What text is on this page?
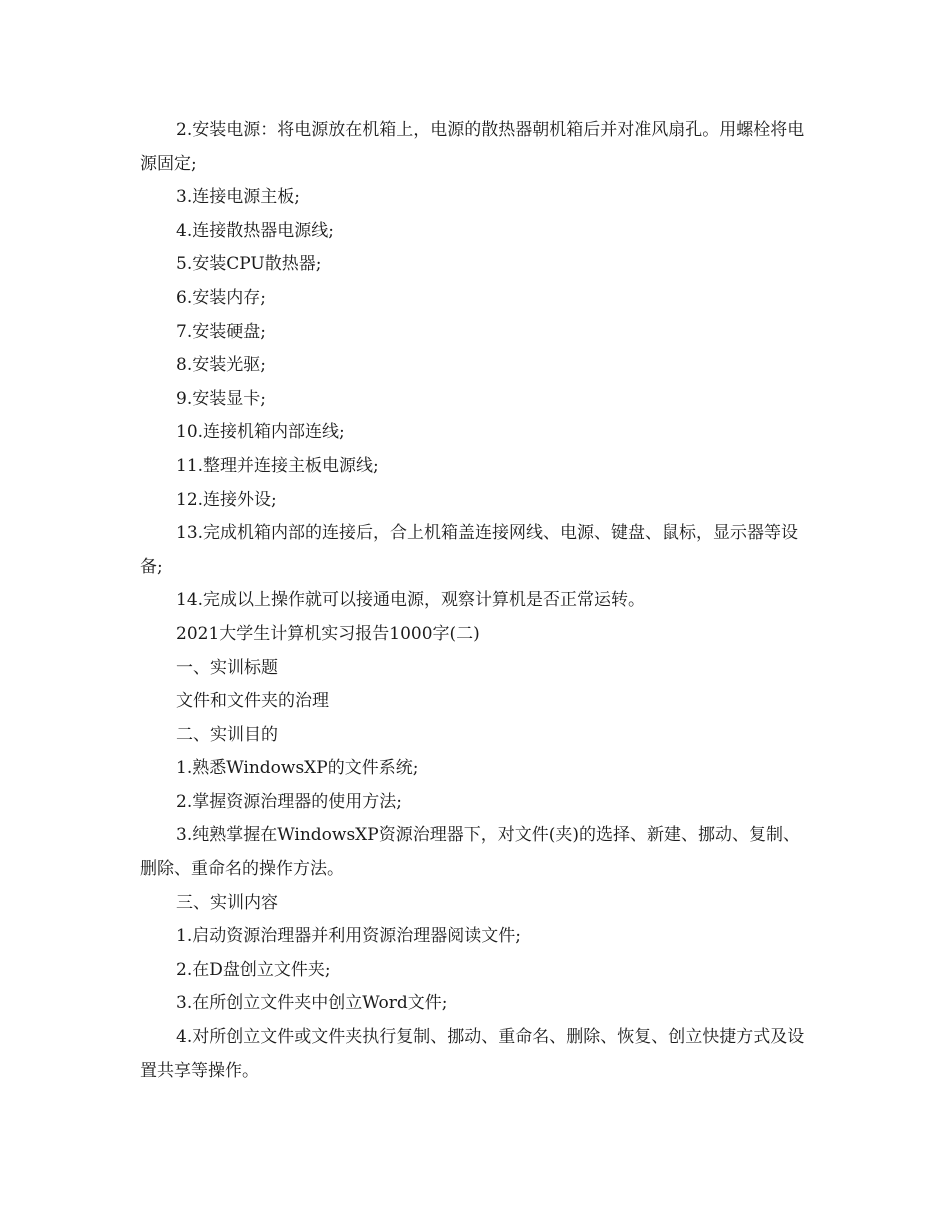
2.安装电源：将电源放在机箱上，电源的散热器朝机箱后并对准风扇孔。用螺栓将电源固定;

3.连接电源主板;

4.连接散热器电源线;

5.安装CPU散热器;

6.安装内存;

7.安装硬盘;

8.安装光驱;

9.安装显卡;

10.连接机箱内部连线;

11.整理并连接主板电源线;

12.连接外设;

13.完成机箱内部的连接后，合上机箱盖连接网线、电源、键盘、鼠标，显示器等设备;

14.完成以上操作就可以接通电源，观察计算机是否正常运转。

2021大学生计算机实习报告1000字(二)

一、实训标题

文件和文件夹的治理

二、实训目的

1.熟悉WindowsXP的文件系统;

2.掌握资源治理器的使用方法;

3.纯熟掌握在WindowsXP资源治理器下，对文件(夹)的选择、新建、挪动、复制、删除、重命名的操作方法。

三、实训内容

1.启动资源治理器并利用资源治理器阅读文件;

2.在D盘创立文件夹;

3.在所创立文件夹中创立Word文件;

4.对所创立文件或文件夹执行复制、挪动、重命名、删除、恢复、创立快捷方式及设置共享等操作。
